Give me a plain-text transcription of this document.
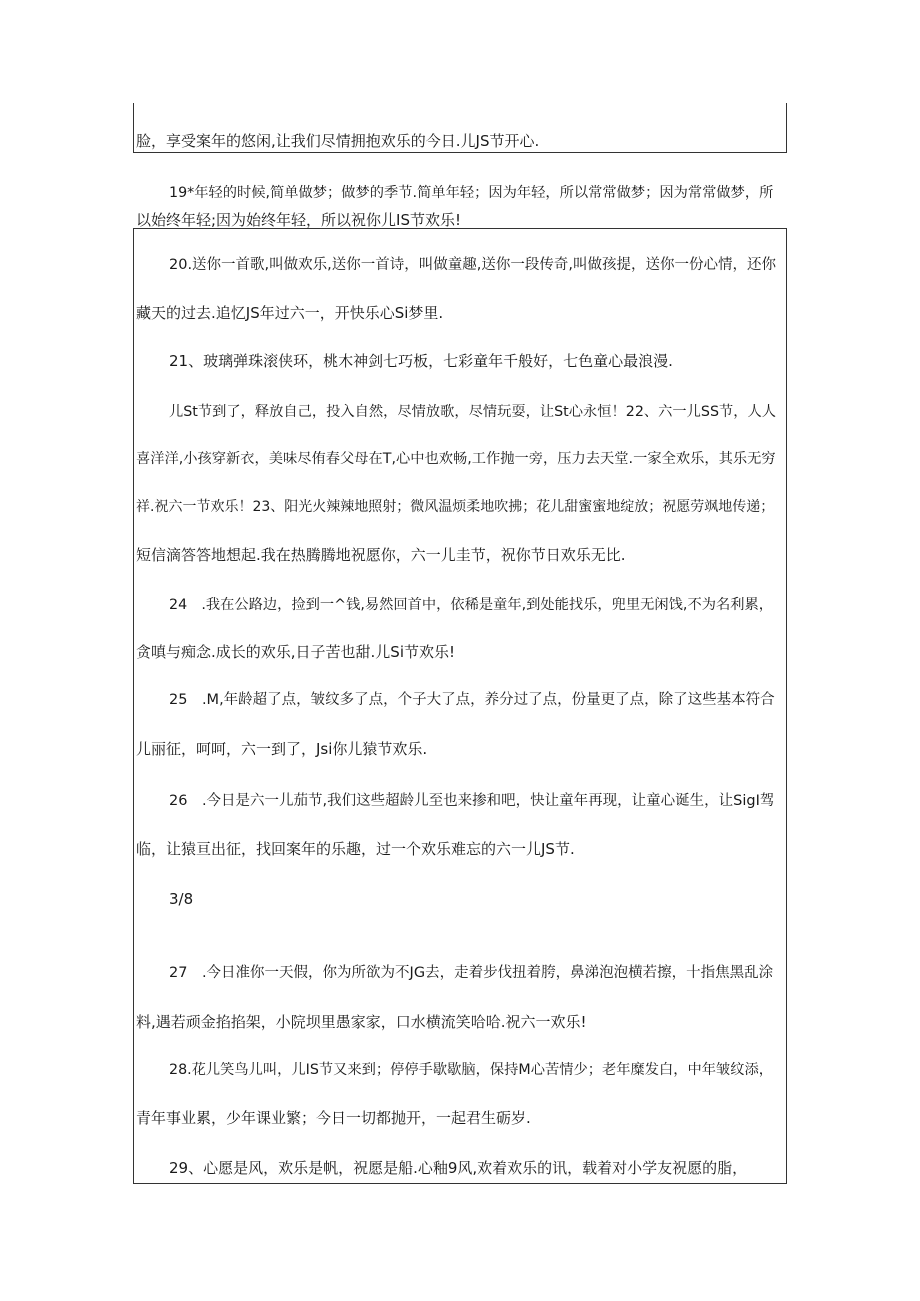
脸，享受案年的悠闲,让我们尽情拥抱欢乐的今日.儿JS节开心.
19*年轻的时候,简单做梦；做梦的季节.简单年轻；因为年轻，所以常常做梦；因为常常做梦，所
以始终年轻;因为始终年轻，所以祝你儿IS节欢乐!
20.送你一首歌,叫做欢乐,送你一首诗，叫做童趣,送你一段传奇,叫做孩提，送你一份心情，还你
藏天的过去.追忆JS年过六一，开快乐心Si梦里.
21、玻璃弹珠滚侠环，桃木神剑七巧板，七彩童年千般好，七色童心最浪漫.
儿St节到了，释放自己，投入自然，尽情放歌，尽情玩耍，让St心永恒！22、六一儿SS节，人人
喜洋洋,小孩穿新衣，美味尽侑春父母在T,心中也欢畅,工作抛一旁，压力去天堂.一家全欢乐，其乐无穷
祥.祝六一节欢乐！23、阳光火辣辣地照射；微风温烦柔地吹拂；花儿甜蜜蜜地绽放；祝愿劳飒地传递；
短信滴答答地想起.我在热腾腾地祝愿你，六一儿圭节，祝你节日欢乐无比.
24　.我在公路边，捡到一^钱,易然回首中，依稀是童年,到处能找乐，兜里无闲饯,不为名利累，
贪嗔与痴念.成长的欢乐,日子苦也甜.儿Si节欢乐!
25　.M,年龄超了点，皱纹多了点，个子大了点，养分过了点，份量更了点，除了这些基本符合
儿丽征，呵呵，六一到了，Jsi你儿猿节欢乐.
26　.今日是六一儿茄节,我们这些超龄儿至也来掺和吧，快让童年再现，让童心诞生，让SigI驾
临，让猿亘出征，找回案年的乐趣，过一个欢乐难忘的六一儿JS节.
3/8
27　.今日准你一天假，你为所欲为不JG去，走着步伐扭着胯，鼻涕泡泡横若擦，十指焦黑乱涂
料,遇若顽金掐掐架，小院坝里愚家家，口水横流笑哈哈.祝六一欢乐!
28.花儿笑鸟儿叫，儿IS节又来到；停停手歇歇脑，保持M心苦情少；老年糜发白，中年皱纹添，
青年事业累，少年课业繁；今日一切都抛开，一起君生砺岁.
29、心愿是风，欢乐是帆，祝愿是船.心釉9风,欢着欢乐的讯，载着对小学友祝愿的脂，
